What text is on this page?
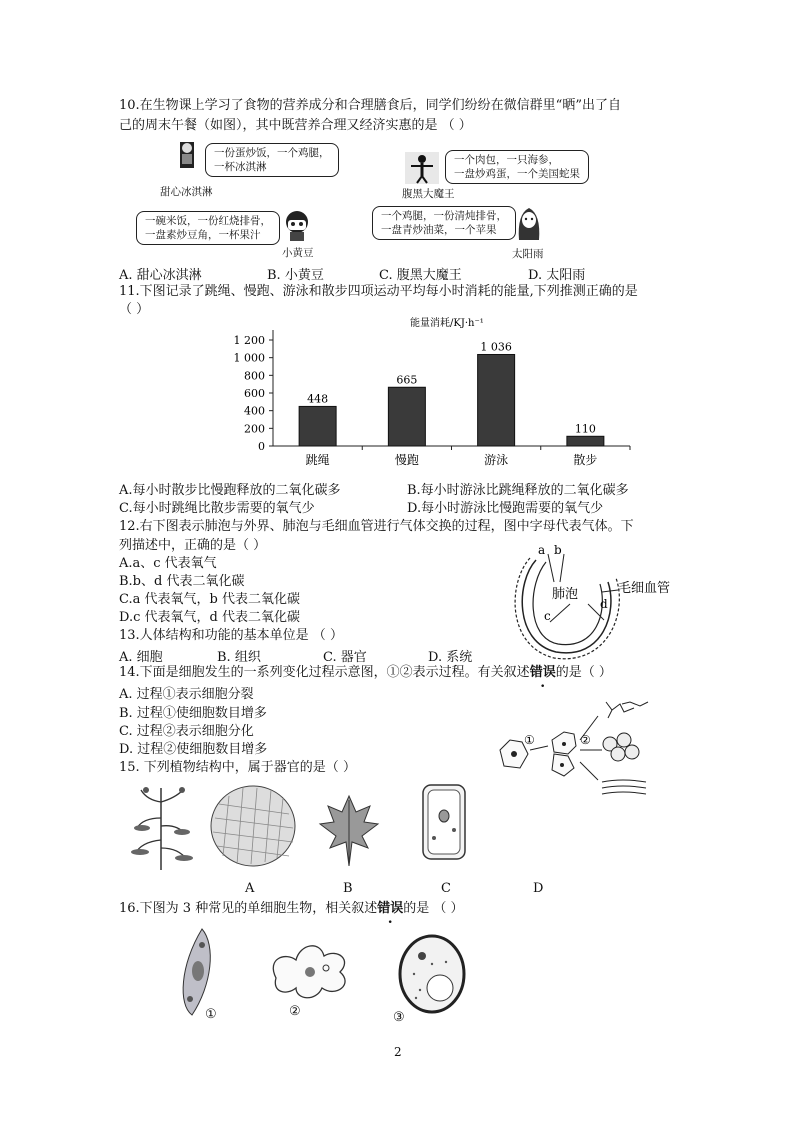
10.在生物课上学习了食物的营养成分和合理膳食后，同学们纷纷在微信群里“晒”出了自
己的周末午餐（如图），其中既营养合理又经济实惠的是 （ ）
一份蛋炒饭，一个鸡腿，
一杯冰淇淋
甜心冰淇淋
一个肉包，一只海参，
一盘炒鸡蛋，一个美国蛇果
腹黑大魔王
一碗米饭，一份红烧排骨，
一盘素炒豆角，一杯果汁
小黄豆
一个鸡腿，一份清炖排骨，
一盘青炒油菜，一个苹果
太阳雨
A. 甜心冰淇淋	B. 小黄豆	C. 腹黑大魔王	D. 太阳雨
11.下图记录了跳绳、慢跑、游泳和散步四项运动平均每小时消耗的能量,下列推测正确的是
（ ）
能量消耗/KJ·h⁻¹
0
200
400
600
800
1 000
1 200
448
665
1 036
110
跳绳	慢跑	游泳	散步
A.每小时散步比慢跑释放的二氧化碳多	B.每小时游泳比跳绳释放的二氧化碳多
C.每小时跳绳比散步需要的氧气少	D.每小时游泳比慢跑需要的氧气少
12.右下图表示肺泡与外界、肺泡与毛细血管进行气体交换的过程，图中字母代表气体。下
列描述中，正确的是（ ）
A.a、c 代表氧气
B.b、d 代表二氧化碳
C.a 代表氧气，b 代表二氧化碳
D.c 代表氧气，d 代表二氧化碳
a b
c
d
肺泡	毛细血管
13.人体结构和功能的基本单位是 （ ）
A. 细胞	B. 组织	C. 器官	D. 系统
14.下面是细胞发生的一系列变化过程示意图，①②表示过程。有关叙述错误的是（ ）
A. 过程①表示细胞分裂
B. 过程①使细胞数目增多
C. 过程②表示细胞分化
D. 过程②使细胞数目增多
①	②
15. 下列植物结构中，属于器官的是（ ）
A	B	C	D
16.下图为 3 种常见的单细胞生物，相关叙述错误的是 （ ）
①	②	③
2
